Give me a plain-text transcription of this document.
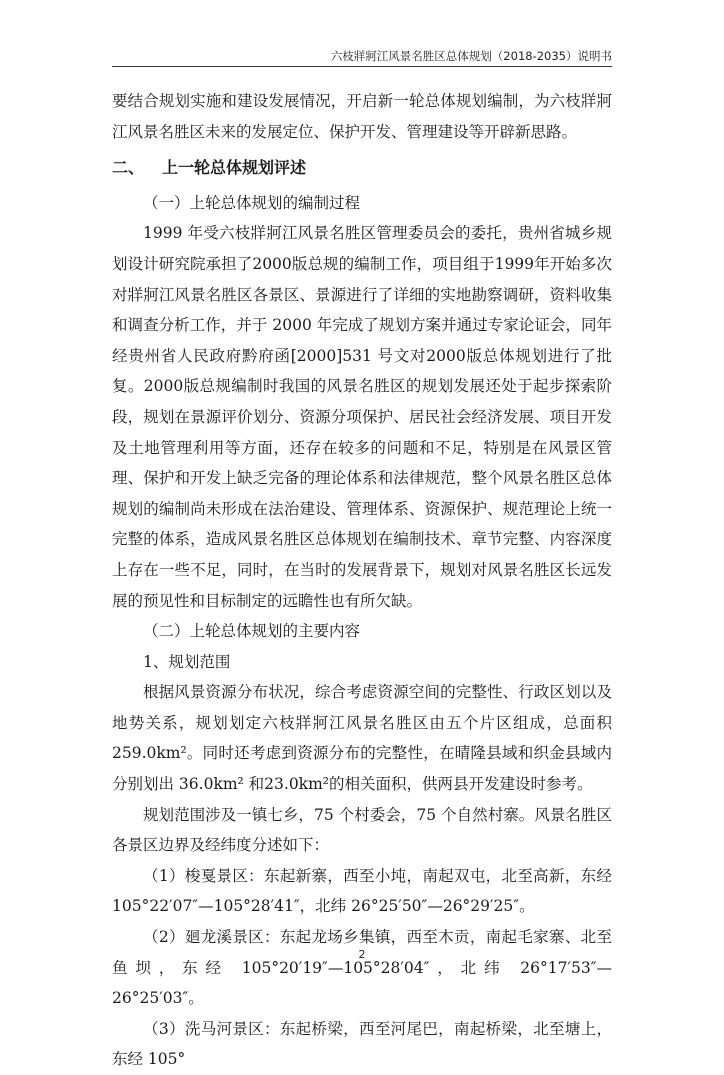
六枝牂牁江风景名胜区总体规划（2018-2035）说明书

要结合规划实施和建设发展情况，开启新一轮总体规划编制，为六枝牂牁江风景名胜区未来的发展定位、保护开发、管理建设等开辟新思路。

二、 上一轮总体规划评述

（一）上轮总体规划的编制过程

1999 年受六枝牂牁江风景名胜区管理委员会的委托，贵州省城乡规划设计研究院承担了2000版总规的编制工作，项目组于1999年开始多次对牂牁江风景名胜区各景区、景源进行了详细的实地勘察调研，资料收集和调查分析工作，并于 2000 年完成了规划方案并通过专家论证会，同年经贵州省人民政府黔府函[2000]531 号文对2000版总体规划进行了批复。2000版总规编制时我国的风景名胜区的规划发展还处于起步探索阶段，规划在景源评价划分、资源分项保护、居民社会经济发展、项目开发及土地管理利用等方面，还存在较多的问题和不足，特别是在风景区管理、保护和开发上缺乏完备的理论体系和法律规范，整个风景名胜区总体规划的编制尚未形成在法治建设、管理体系、资源保护、规范理论上统一完整的体系，造成风景名胜区总体规划在编制技术、章节完整、内容深度上存在一些不足，同时，在当时的发展背景下，规划对风景名胜区长远发展的预见性和目标制定的远瞻性也有所欠缺。

（二）上轮总体规划的主要内容

1、规划范围

根据风景资源分布状况，综合考虑资源空间的完整性、行政区划以及地势关系，规划划定六枝牂牁江风景名胜区由五个片区组成，总面积 259.0km²。同时还考虑到资源分布的完整性，在晴隆县域和织金县域内分别划出 36.0km² 和23.0km²的相关面积，供两县开发建设时参考。

规划范围涉及一镇七乡，75 个村委会，75 个自然村寨。风景名胜区各景区边界及经纬度分述如下：

（1）梭戛景区：东起新寨，西至小坉，南起双屯，北至高新，东经 105°22′07″—105°28′41″，北纬 26°25′50″—26°29′25″。

（2）廻龙溪景区：东起龙场乡集镇，西至木贡，南起毛家寨、北至鱼坝，东经 105°20′19″—105°28′04″，北纬 26°17′53″—26°25′03″。

（3）洗马河景区：东起桥梁，西至河尾巴，南起桥梁，北至塘上，东经 105°

2
